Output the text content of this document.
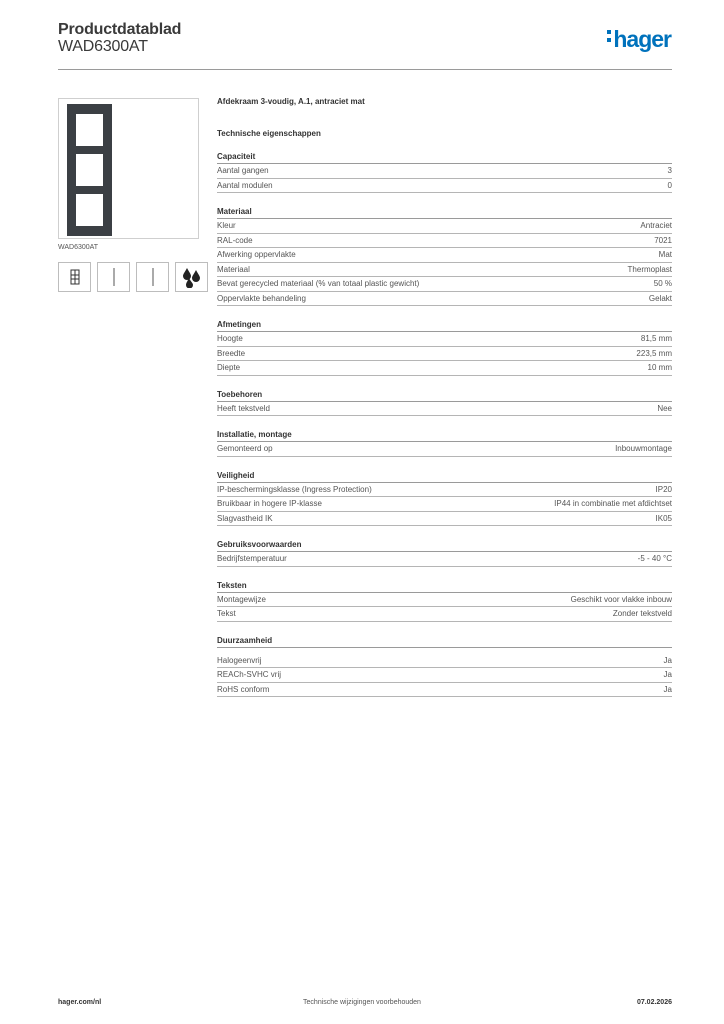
Productdatablad
WAD6300AT	hager
WAD6300AT
Afdekraam 3-voudig, A.1, antraciet mat
Technische eigenschappen
Capaciteit
Aantal gangen	3
Aantal modulen	0
Materiaal
Kleur	Antraciet
RAL-code	7021
Afwerking oppervlakte	Mat
Materiaal	Thermoplast
Bevat gerecycled materiaal (% van totaal plastic gewicht)	50 %
Oppervlakte behandeling	Gelakt
Afmetingen
Hoogte	81,5 mm
Breedte	223,5 mm
Diepte	10 mm
Toebehoren
Heeft tekstveld	Nee
Installatie, montage
Gemonteerd op	Inbouwmontage
Veiligheid
IP-beschermingsklasse (Ingress Protection)	IP20
Bruikbaar in hogere IP-klasse	IP44 in combinatie met afdichtset
Slagvastheid IK	IK05
Gebruiksvoorwaarden
Bedrijfstemperatuur	-5 - 40 °C
Teksten
Montagewijze	Geschikt voor vlakke inbouw
Tekst	Zonder tekstveld
Duurzaamheid
Halogeenvrij	Ja
REACh-SVHC vrij	Ja
RoHS conform	Ja
hager.com/nl	Technische wijzigingen voorbehouden	07.02.2026
